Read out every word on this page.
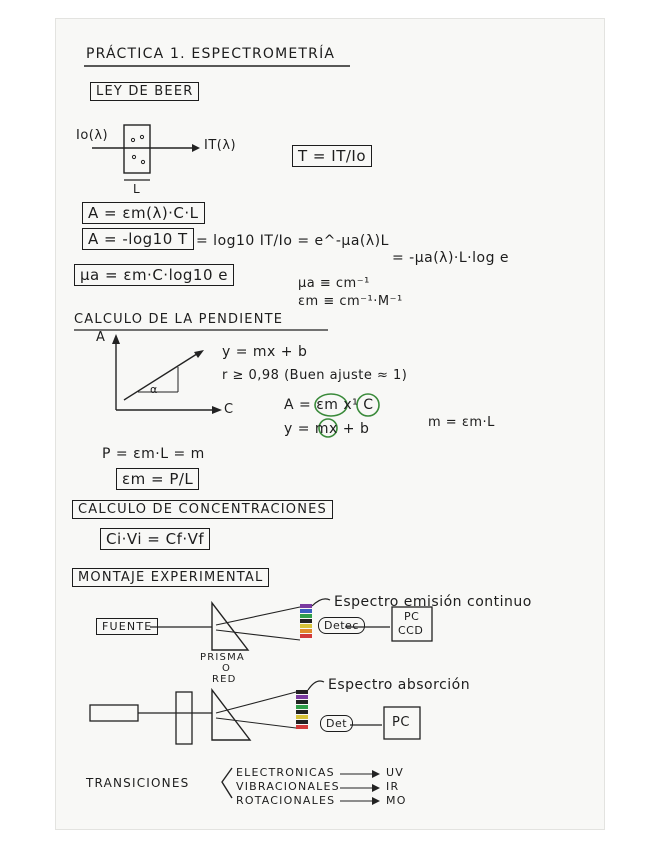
PRÁCTICA 1. ESPECTROMETRÍA
LEY DE BEER
Io(λ)
IT(λ)
L
T = IT/Io
A = εm(λ)·C·L
A = -log10 T = log10 IT/Io = e^-μa(λ)L
= -μa(λ)·L·log e
μa = εm·C·log10 e	μa ≡ cm⁻¹
εm ≡ cm⁻¹·M⁻¹
CALCULO DE LA PENDIENTE
A
C
α
y = mx + b
r ≥ 0,98 (Buen ajuste ≈ 1)
A = εm x¹ C
y = mx + b	m = εm·L
P = εm·L = m
εm = P/L
CALCULO DE CONCENTRACIONES
Ci·Vi = Cf·Vf
MONTAJE EXPERIMENTAL
FUENTE
PRISMA
O
RED
Detec
PC
CCD
Espectro emisión continuo
Det	PC
Espectro absorción
TRANSICIONES
ELECTRONICAS	UV
VIBRACIONALES	IR
ROTACIONALES	MO
